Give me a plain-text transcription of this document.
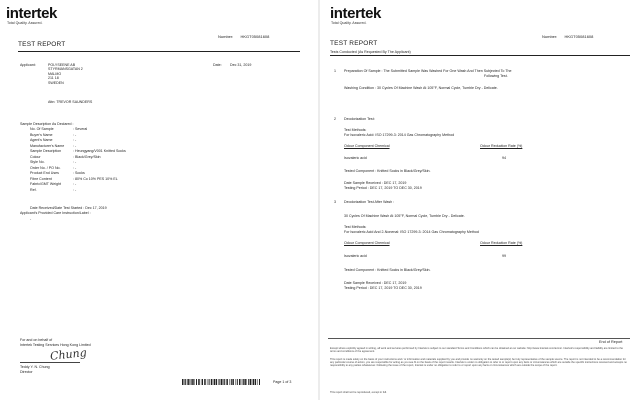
intertek
Total Quality. Assured.
Number: HKGT05081608
TEST REPORT
Applicant:	POLYSEENE AB
STYRMANSGATAN 2
MALMO
211 18
SWEDEN
Date: Dec 31, 2019
Attn: TREVOR SAUNDERS
Sample Description As Declared :
No. Of Sample	: Several
Buyer's Name	: -
Agent's Name	: -
Manufacturer's Name : -
Sample Description	: Heungyang/V001 Knitted Socks
Colour	: Black/Grey/Skin
Style No.	: -
Order No. / PO No.	: -
Product End Uses	: Socks
Fibre Content	: 80% Co 10% PES 10% EL
Fabric/GMT Weight	: -
Ref.	: -
Date Received/Date Test Started : Dec 17, 2019
Applicant's Provided Care Instruction/Label :
-
For and on behalf of
Intertek Testing Services Hong Kong Limited
Chung
Teddy Y. N. Chung
Director
Page 1 of 3
intertek
Total Quality. Assured.
Number: HKGT05081608
TEST REPORT
Tests Conducted (As Requested By The Applicant)
1 Preparation Of Sample : The Submitted Sample Was Washed For One Wash And Then Subjected To The
Following Test.
Washing Condition : 30 Cycles Of Machine Wash At 105°F, Normal Cycle, Tumble Dry - Delicate.
2 Deodorization Test:
Test Methods:
For Isovaleric Acid: ISO 17299-3: 2014 Gas Chromatography Method
Odour Component Chemical	Odour Reduction Rate (%)
Isovaleric acid	94
Tested Component : Knitted Socks in Black/Grey/Skin.
Date Sample Received : DEC 17, 2019
Testing Period : DEC 17, 2019 TO DEC 30, 2019
3 Deodorization Test After Wash :
30 Cycles Of Machine Wash At 105°F, Normal Cycle, Tumble Dry - Delicate.
Test Methods:
For Isovaleric Acid And 2-Nonenal: ISO 17299-3: 2014 Gas Chromatography Method
Odour Component Chemical	Odour Reduction Rate (%)
Isovaleric acid	99
Tested Component : Knitted Socks in Black/Grey/Skin.
Date Sample Received : DEC 17, 2019
Testing Period : DEC 17, 2019 TO DEC 30, 2019
End of Report
Except where explicitly agreed in writing, all work and services performed by Intertek is subject to our standard Terms and Conditions which can be obtained at our website: http://www.intertek.com/terms/. Intertek's responsibility and liability are limited to the terms and conditions of the agreement.
This report is made solely on the basis of your instructions and / or information and materials supplied by you and provide no warranty on the tested sample(s) be truly representative of the sample source. The report is not intended to be a recommendation for any particular course of action, you are responsible for acting as you see fit on the basis of the report results. Intertek is under no obligation to refer to or report upon any facts or circumstances which are outside the specific instructions received and accepts no responsibility to any parties whatsoever. Following the issue of the report, Intertek is under no obligation to refer to or report upon any facts or circumstances which are outside the scope of the report.
This report shall not be reproduced, except in full.
